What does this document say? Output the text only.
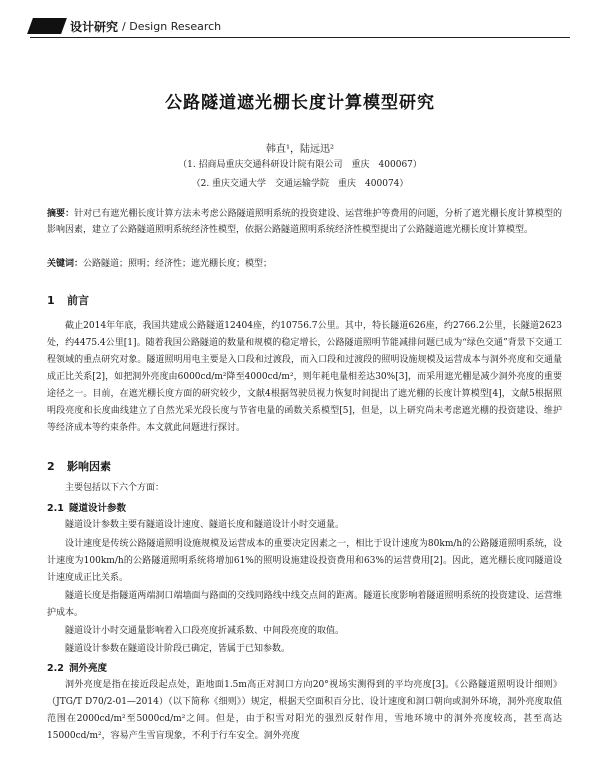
设计研究 / Design Research
公路隧道遮光棚长度计算模型研究
韩直¹，陆远迅²
（1. 招商局重庆交通科研设计院有限公司　重庆　400067）
（2. 重庆交通大学　交通运输学院　重庆　400074）
摘要：针对已有遮光棚长度计算方法未考虑公路隧道照明系统的投资建设、运营维护等费用的问题，分析了遮光棚长度计算模型的影响因素，建立了公路隧道照明系统经济性模型，依据公路隧道照明系统经济性模型提出了公路隧道遮光棚长度计算模型。
关键词：公路隧道；照明；经济性；遮光棚长度；模型；
1 前言
截止2014年年底，我国共建成公路隧道12404座，约10756.7公里。其中，特长隧道626座，约2766.2公里，长隧道2623处，约4475.4公里[1]。随着我国公路隧道的数量和规模的稳定增长，公路隧道照明节能减排问题已成为“绿色交通”背景下交通工程领域的重点研究对象。隧道照明用电主要是入口段和过渡段，而入口段和过渡段的照明设施规模及运营成本与洞外亮度和交通量成正比关系[2]，如把洞外亮度由6000cd/m²降至4000cd/m²，则年耗电量相差达30%[3]，而采用遮光棚是减少洞外亮度的重要途径之一。目前，在遮光棚长度方面的研究较少，文献4根据驾驶员视力恢复时间提出了遮光棚的长度计算模型[4]，文献5根据照明段亮度和长度曲线建立了自然光采光段长度与节省电量的函数关系模型[5]，但是，以上研究尚未考虑遮光棚的投资建设、维护等经济成本等约束条件。本文就此问题进行探讨。
2 影响因素
主要包括以下六个方面：
2.1 隧道设计参数
隧道设计参数主要有隧道设计速度、隧道长度和隧道设计小时交通量。
设计速度是传统公路隧道照明设施规模及运营成本的重要决定因素之一，相比于设计速度为80km/h的公路隧道照明系统，设计速度为100km/h的公路隧道照明系统将增加61%的照明设施建设投资费用和63%的运营费用[2]。因此，遮光棚长度同隧道设计速度成正比关系。
隧道长度是指隧道两端洞口端墙面与路面的交线同路线中线交点间的距离。隧道长度影响着隧道照明系统的投资建设、运营维护成本。
隧道设计小时交通量影响着入口段亮度折减系数、中间段亮度的取值。
隧道设计参数在隧道设计阶段已确定，皆属于已知参数。
2.2 洞外亮度
洞外亮度是指在接近段起点处，距地面1.5m高正对洞口方向20°视场实测得到的平均亮度[3]。《公路隧道照明设计细则》（JTG/T D70/2-01—2014）（以下简称《细则》）规定，根据天空面积百分比、设计速度和洞口朝向或洞外环境，洞外亮度取值范围在2000cd/m²至5000cd/m²之间。但是，由于积雪对阳光的强烈反射作用，雪地环境中的洞外亮度较高，甚至高达15000cd/m²，容易产生雪盲现象，不利于行车安全。洞外亮度
